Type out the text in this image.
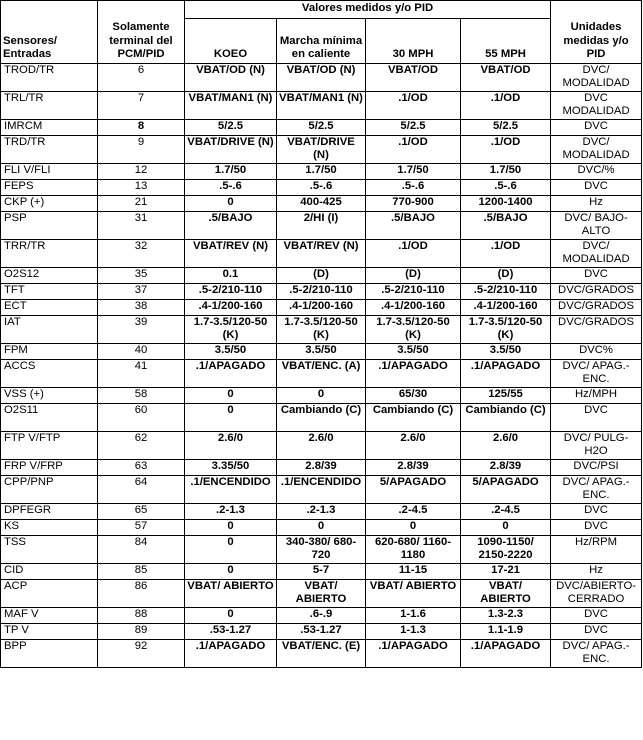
Sensores/ Entradas	Solamente terminal del PCM/PID	Valores medidos y/o PID				Unidades medidas y/o PID
		KOEO	Marcha mínima en caliente	30 MPH	55 MPH	
TROD/TR	6	VBAT/OD (N)	VBAT/OD (N)	VBAT/OD	VBAT/OD	DVC/ MODALIDAD
TRL/TR	7	VBAT/MAN1 (N)	VBAT/MAN1 (N)	.1/OD	.1/OD	DVC MODALIDAD
IMRCM	8	5/2.5	5/2.5	5/2.5	5/2.5	DVC
TRD/TR	9	VBAT/DRIVE (N)	VBAT/DRIVE (N)	.1/OD	.1/OD	DVC/ MODALIDAD
FLI V/FLI	12	1.7/50	1.7/50	1.7/50	1.7/50	DVC/%
FEPS	13	.5-.6	.5-.6	.5-.6	.5-.6	DVC
CKP (+)	21	0	400-425	770-900	1200-1400	Hz
PSP	31	.5/BAJO	2/HI (I)	.5/BAJO	.5/BAJO	DVC/ BAJO-ALTO
TRR/TR	32	VBAT/REV (N)	VBAT/REV (N)	.1/OD	.1/OD	DVC/ MODALIDAD
O2S12	35	0.1	(D)	(D)	(D)	DVC
TFT	37	.5-2/210-110	.5-2/210-110	.5-2/210-110	.5-2/210-110	DVC/GRADOS
ECT	38	.4-1/200-160	.4-1/200-160	.4-1/200-160	.4-1/200-160	DVC/GRADOS
IAT	39	1.7-3.5/120-50 (K)	1.7-3.5/120-50 (K)	1.7-3.5/120-50 (K)	1.7-3.5/120-50 (K)	DVC/GRADOS
FPM	40	3.5/50	3.5/50	3.5/50	3.5/50	DVC%
ACCS	41	.1/APAGADO	VBAT/ENC. (A)	.1/APAGADO	.1/APAGADO	DVC/ APAG.-ENC.
VSS (+)	58	0	0	65/30	125/55	Hz/MPH
O2S11	60	0	Cambiando (C)	Cambiando (C)	Cambiando (C)	DVC
FTP V/FTP	62	2.6/0	2.6/0	2.6/0	2.6/0	DVC/ PULG-H2O
FRP V/FRP	63	3.35/50	2.8/39	2.8/39	2.8/39	DVC/PSI
CPP/PNP	64	.1/ENCENDIDO	.1/ENCENDIDO	5/APAGADO	5/APAGADO	DVC/ APAG.-ENC.
DPFEGR	65	.2-1.3	.2-1.3	.2-4.5	.2-4.5	DVC
KS	57	0	0	0	0	DVC
TSS	84	0	340-380/ 680-720	620-680/ 1160-1180	1090-1150/ 2150-2220	Hz/RPM
CID	85	0	5-7	11-15	17-21	Hz
ACP	86	VBAT/ ABIERTO	VBAT/ ABIERTO	VBAT/ ABIERTO	VBAT/ ABIERTO	DVC/ABIERTO-CERRADO
MAF V	88	0	.6-.9	1-1.6	1.3-2.3	DVC
TP V	89	.53-1.27	.53-1.27	1-1.3	1.1-1.9	DVC
BPP	92	.1/APAGADO	VBAT/ENC. (E)	.1/APAGADO	.1/APAGADO	DVC/ APAG.-ENC.
